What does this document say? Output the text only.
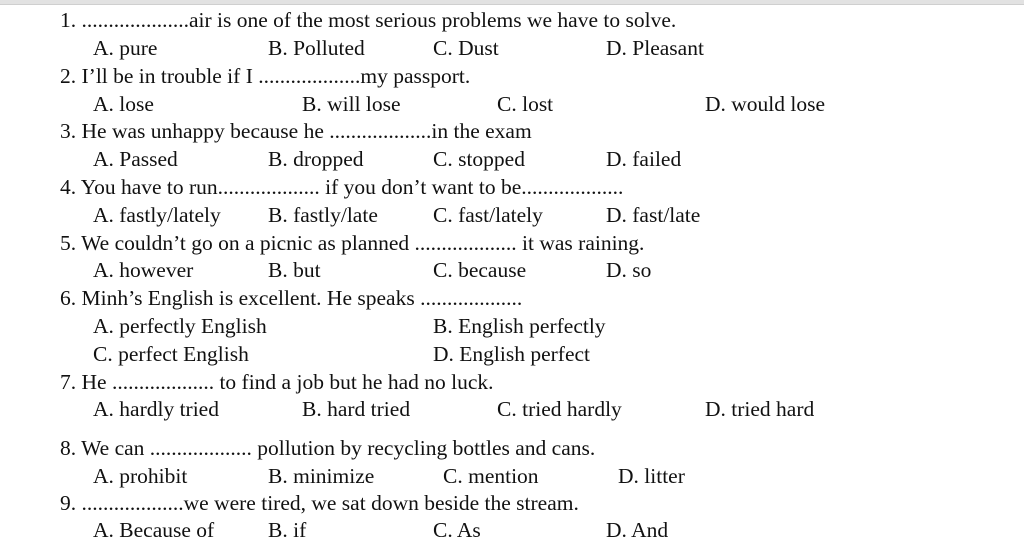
1. ....................air is one of the most serious problems we have to solve.
A. pure	B. Polluted	C. Dust	D. Pleasant
2. I’ll be in trouble if I ...................my passport.
A. lose	B. will lose	C. lost	D. would lose
3. He was unhappy because he ...................in the exam
A. Passed	B. dropped	C. stopped	D. failed
4. You have to run................... if you don’t want to be...................
A. fastly/lately B. fastly/late	C. fast/lately	D. fast/late
5. We couldn’t go on a picnic as planned ................... it was raining.
A. however	B. but	C. because	D. so
6. Minh’s English is excellent. He speaks ...................
A. perfectly English	B. English perfectly
C. perfect English	D. English perfect
7. He ................... to find a job but he had no luck.
A. hardly tried	B. hard tried	C. tried hardly	D. tried hard
8. We can ................... pollution by recycling bottles and cans.
A. prohibit	B. minimize	C. mention	D. litter
9. ...................we were tired, we sat down beside the stream.
A. Because of	B. if	C. As	D. And
